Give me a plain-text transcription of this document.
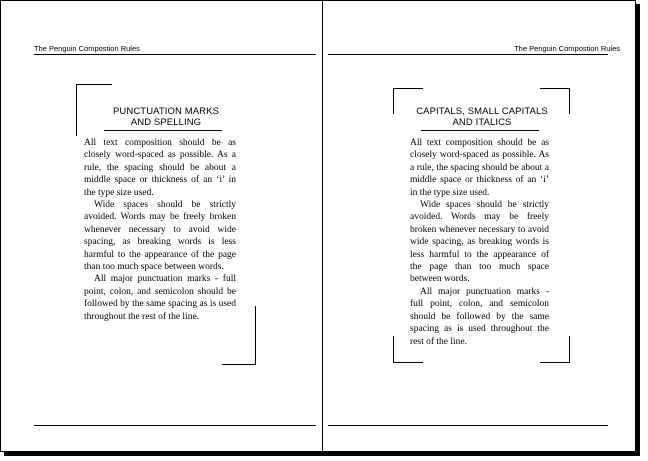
The Penguin Compostion Rules
PUNCTUATION MARKS
AND SPELLING

All text composition should be as closely word-spaced as possible. As a rule, the spacing should be about a middle space or thickness of an ‘i’ in the type size used.

Wide spaces should be strictly avoided. Words may be freely broken whenever necessary to avoid wide spacing, as breaking words is less harmful to the appearance of the page than too much space between words.

All major punctuation marks - full point, colon, and semicolon should be followed by the same spacing as is used throughout the rest of the line.

The Penguin Compostion Rules
CAPITALS, SMALL CAPITALS
AND ITALICS

All text composition should be as closely word-spaced as possible. As a rule, the spacing should be about a middle space or thickness of an ‘i’ in the type size used.

Wide spaces should be strictly avoided. Words may be freely broken whenever necessary to avoid wide spacing, as breaking words is less harmful to the appearance of the page than too much space between words.

All major punctuation marks - full point, colon, and semicolon should be followed by the same spacing as is used throughout the rest of the line.
